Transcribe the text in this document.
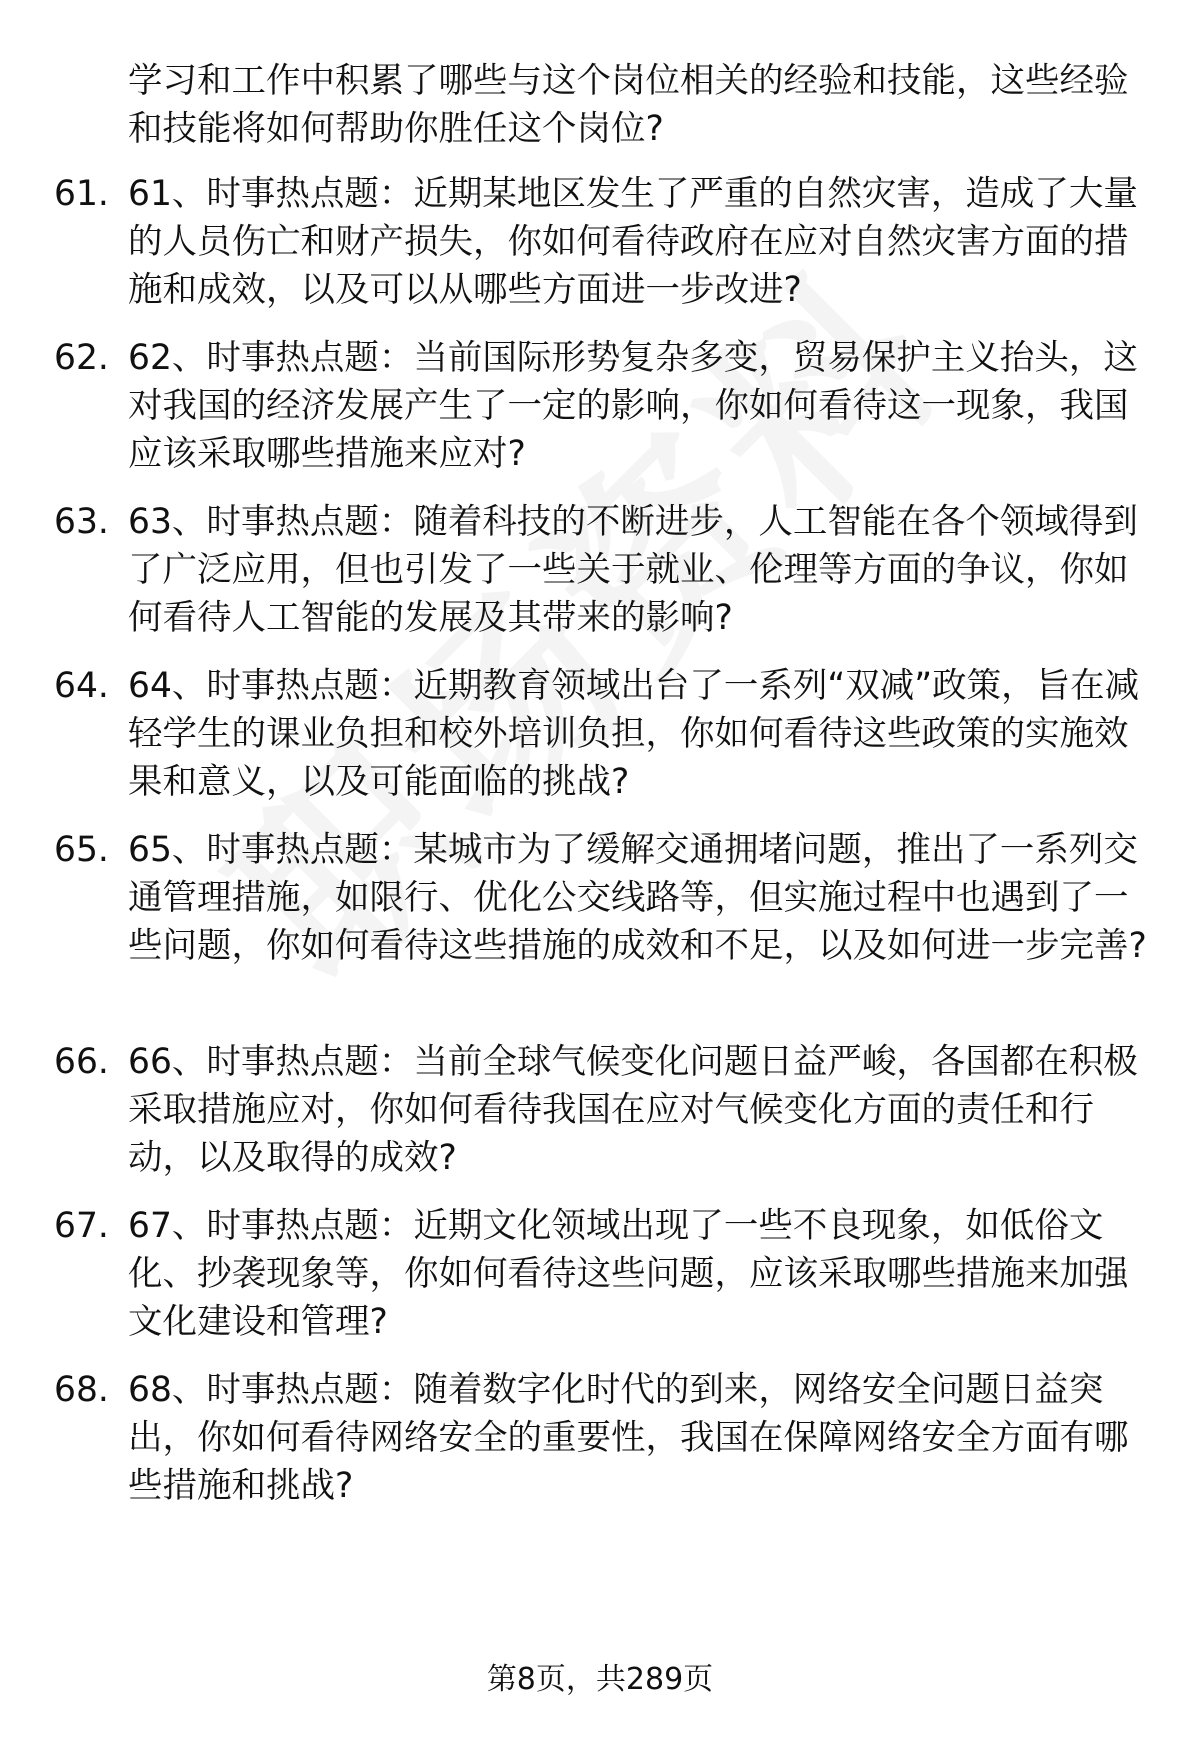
学习和工作中积累了哪些与这个岗位相关的经验和技能，这些经验和技能将如何帮助你胜任这个岗位?
61. 61、时事热点题：近期某地区发生了严重的自然灾害，造成了大量的人员伤亡和财产损失，你如何看待政府在应对自然灾害方面的措施和成效，以及可以从哪些方面进一步改进?
62. 62、时事热点题：当前国际形势复杂多变，贸易保护主义抬头，这对我国的经济发展产生了一定的影响，你如何看待这一现象，我国应该采取哪些措施来应对?
63. 63、时事热点题：随着科技的不断进步，人工智能在各个领域得到了广泛应用，但也引发了一些关于就业、伦理等方面的争议，你如何看待人工智能的发展及其带来的影响?
64. 64、时事热点题：近期教育领域出台了一系列“双减”政策，旨在减轻学生的课业负担和校外培训负担，你如何看待这些政策的实施效果和意义，以及可能面临的挑战?
65. 65、时事热点题：某城市为了缓解交通拥堵问题，推出了一系列交通管理措施，如限行、优化公交线路等，但实施过程中也遇到了一些问题，你如何看待这些措施的成效和不足，以及如何进一步完善?
66. 66、时事热点题：当前全球气候变化问题日益严峻，各国都在积极采取措施应对，你如何看待我国在应对气候变化方面的责任和行动，以及取得的成效?
67. 67、时事热点题：近期文化领域出现了一些不良现象，如低俗文化、抄袭现象等，你如何看待这些问题，应该采取哪些措施来加强文化建设和管理?
68. 68、时事热点题：随着数字化时代的到来，网络安全问题日益突出，你如何看待网络安全的重要性，我国在保障网络安全方面有哪些措施和挑战?
第8页，共289页
